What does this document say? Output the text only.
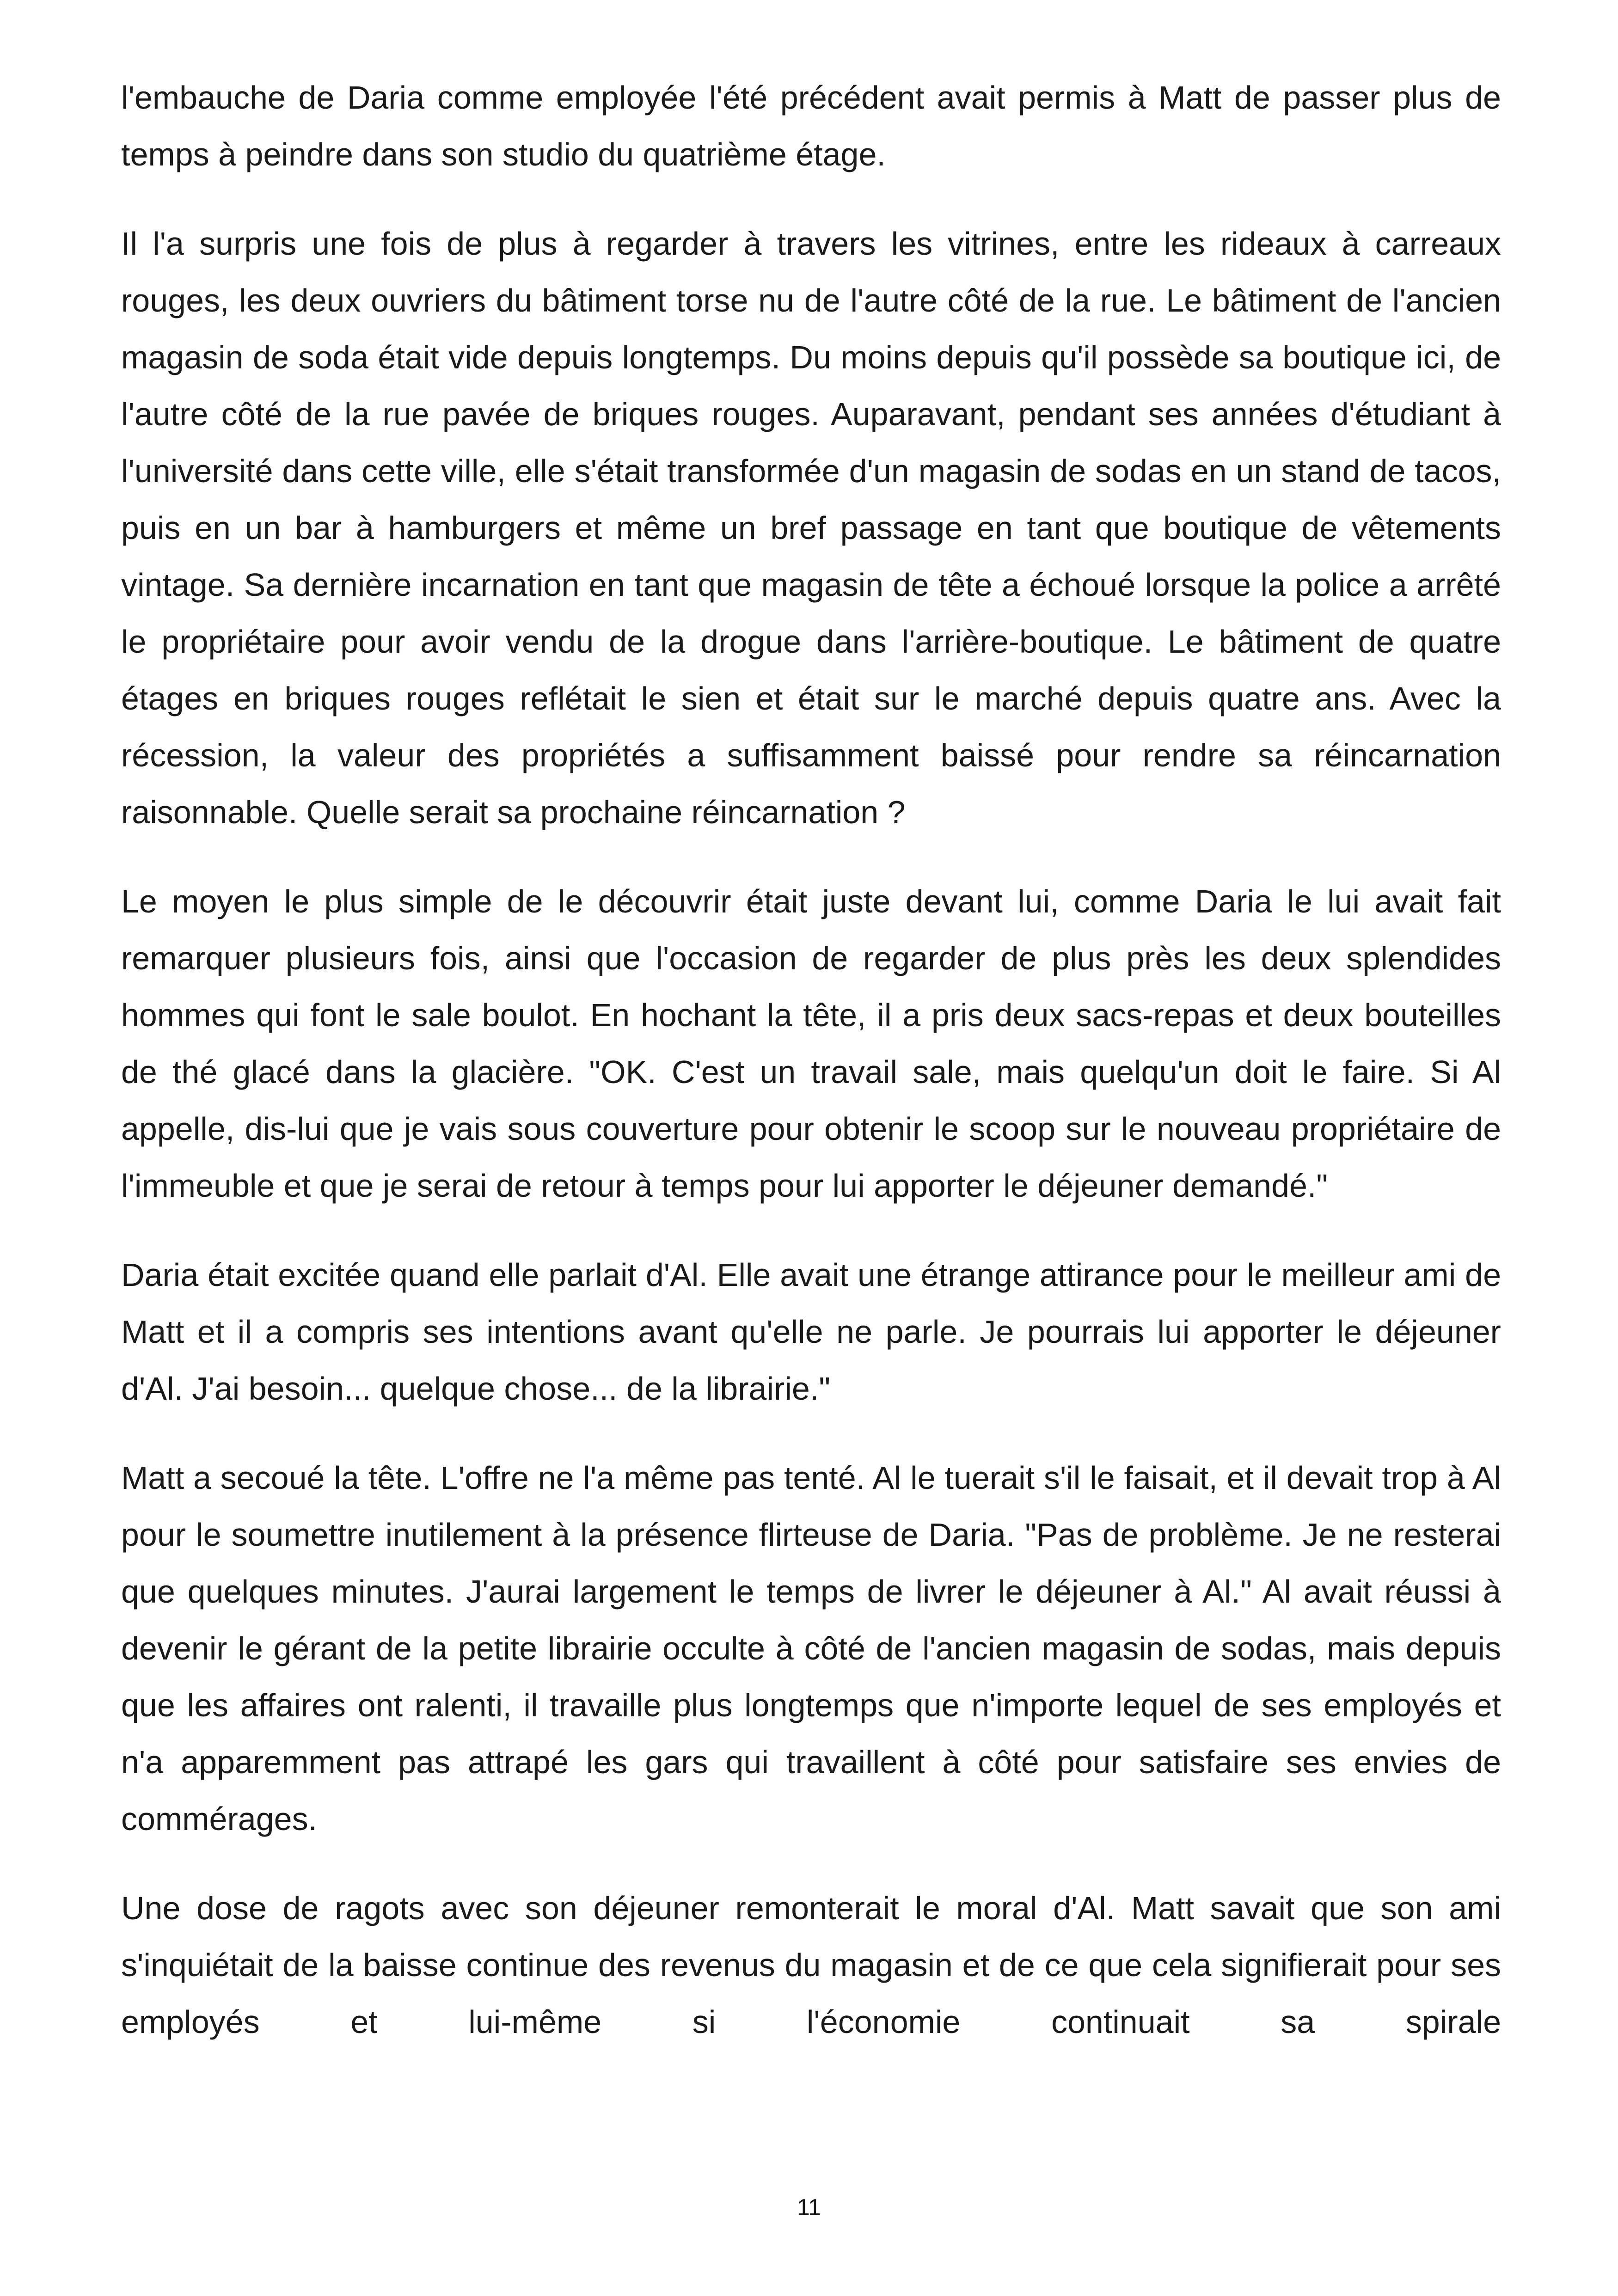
l'embauche de Daria comme employée l'été précédent avait permis à Matt de passer plus de temps à peindre dans son studio du quatrième étage.

Il l'a surpris une fois de plus à regarder à travers les vitrines, entre les rideaux à carreaux rouges, les deux ouvriers du bâtiment torse nu de l'autre côté de la rue. Le bâtiment de l'ancien magasin de soda était vide depuis longtemps. Du moins depuis qu'il possède sa boutique ici, de l'autre côté de la rue pavée de briques rouges. Auparavant, pendant ses années d'étudiant à l'université dans cette ville, elle s'était transformée d'un magasin de sodas en un stand de tacos, puis en un bar à hamburgers et même un bref passage en tant que boutique de vêtements vintage. Sa dernière incarnation en tant que magasin de tête a échoué lorsque la police a arrêté le propriétaire pour avoir vendu de la drogue dans l'arrière-boutique. Le bâtiment de quatre étages en briques rouges reflétait le sien et était sur le marché depuis quatre ans. Avec la récession, la valeur des propriétés a suffisamment baissé pour rendre sa réincarnation raisonnable. Quelle serait sa prochaine réincarnation ?

Le moyen le plus simple de le découvrir était juste devant lui, comme Daria le lui avait fait remarquer plusieurs fois, ainsi que l'occasion de regarder de plus près les deux splendides hommes qui font le sale boulot. En hochant la tête, il a pris deux sacs-repas et deux bouteilles de thé glacé dans la glacière. "OK. C'est un travail sale, mais quelqu'un doit le faire. Si Al appelle, dis-lui que je vais sous couverture pour obtenir le scoop sur le nouveau propriétaire de l'immeuble et que je serai de retour à temps pour lui apporter le déjeuner demandé."

Daria était excitée quand elle parlait d'Al. Elle avait une étrange attirance pour le meilleur ami de Matt et il a compris ses intentions avant qu'elle ne parle. Je pourrais lui apporter le déjeuner d'Al. J'ai besoin... quelque chose... de la librairie."

Matt a secoué la tête. L'offre ne l'a même pas tenté. Al le tuerait s'il le faisait, et il devait trop à Al pour le soumettre inutilement à la présence flirteuse de Daria. "Pas de problème. Je ne resterai que quelques minutes. J'aurai largement le temps de livrer le déjeuner à Al." Al avait réussi à devenir le gérant de la petite librairie occulte à côté de l'ancien magasin de sodas, mais depuis que les affaires ont ralenti, il travaille plus longtemps que n'importe lequel de ses employés et n'a apparemment pas attrapé les gars qui travaillent à côté pour satisfaire ses envies de commérages.

Une dose de ragots avec son déjeuner remonterait le moral d'Al. Matt savait que son ami s'inquiétait de la baisse continue des revenus du magasin et de ce que cela signifierait pour ses employés et lui-même si l'économie continuait sa spirale

11
